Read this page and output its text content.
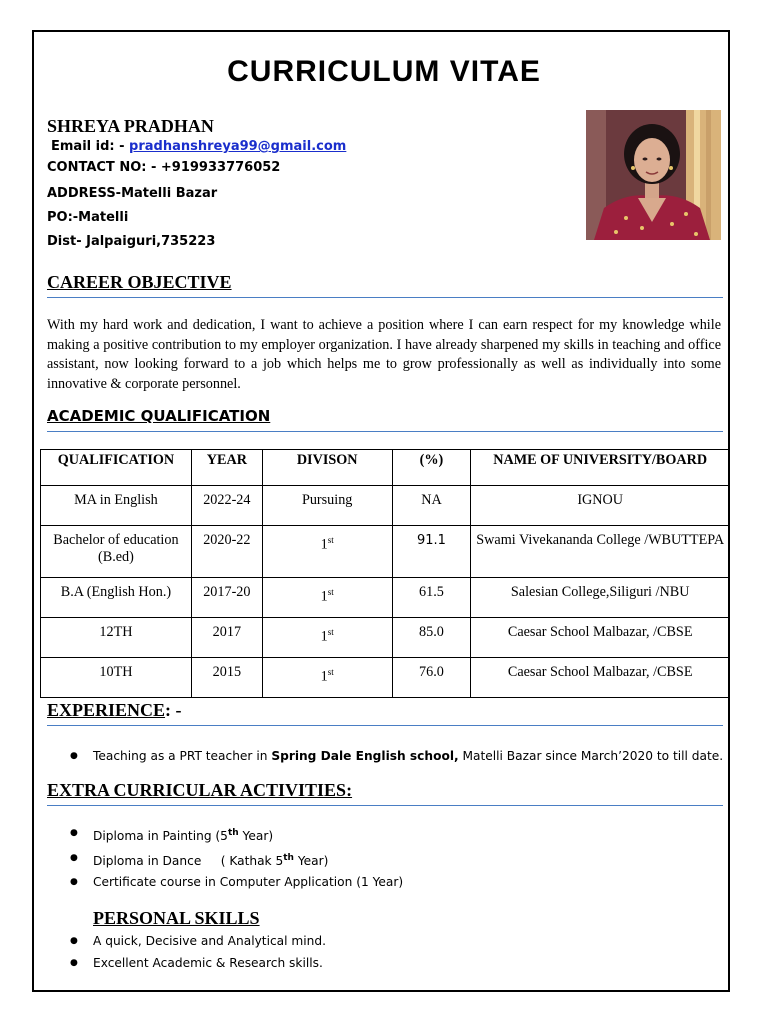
CURRICULUM VITAE
SHREYA PRADHAN
Email id: - pradhanshreya99@gmail.com
CONTACT NO: - +919933776052
ADDRESS-Matelli Bazar
PO:-Matelli
Dist- Jalpaiguri,735223
CAREER OBJECTIVE
With my hard work and dedication, I want to achieve a position where I can earn respect for my knowledge while making a positive contribution to my employer organization. I have already sharpened my skills in teaching and office assistant, now looking forward to a job which helps me to grow professionally as well as individually into some innovative & corporate personnel.
ACADEMIC QUALIFICATION
QUALIFICATION	YEAR	DIVISON	(%)	NAME OF UNIVERSITY/BOARD
MA in English	2022-24	Pursuing	NA	IGNOU
Bachelor of education (B.ed)	2020-22	1st	91.1	Swami Vivekananda College /WBUTTEPA
B.A (English Hon.)	2017-20	1st	61.5	Salesian College,Siliguri /NBU
12TH	2017	1st	85.0	Caesar School Malbazar, /CBSE
10TH	2015	1st	76.0	Caesar School Malbazar, /CBSE
EXPERIENCE: -
● Teaching as a PRT teacher in Spring Dale English school, Matelli Bazar since March’2020 to till date.
EXTRA CURRICULAR ACTIVITIES:
● Diploma in Painting (5th Year)
● Diploma in Dance     ( Kathak 5th Year)
● Certificate course in Computer Application (1 Year)
PERSONAL SKILLS
● A quick, Decisive and Analytical mind.
● Excellent Academic & Research skills.
